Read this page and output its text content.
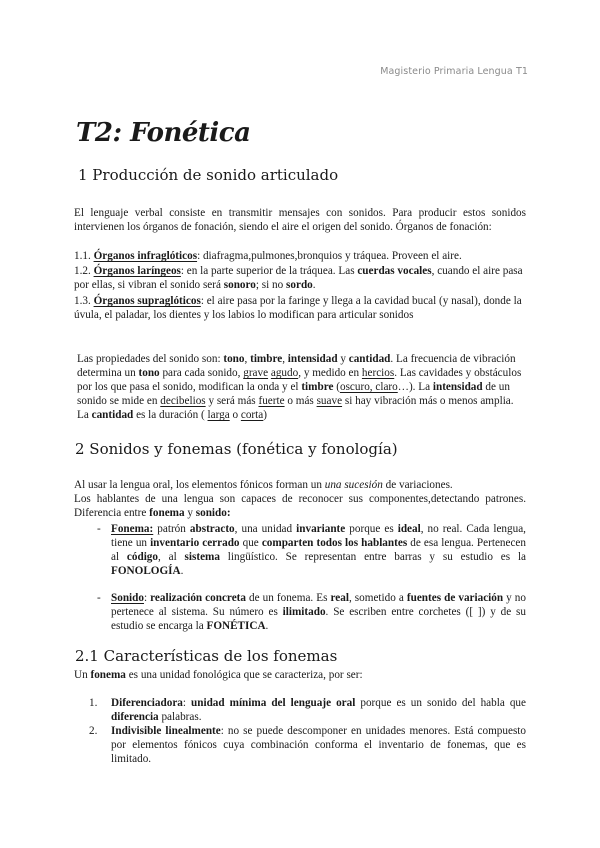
Magisterio Primaria Lengua T1
T2: Fonética
1 Producción de sonido articulado

El lenguaje verbal consiste en transmitir mensajes con sonidos. Para producir estos sonidos intervienen los órganos de fonación, siendo el aire el origen del sonido. Órganos de fonación:

1.1. Órganos infraglóticos: diafragma,pulmones,bronquios y tráquea. Proveen el aire.

1.2. Órganos laríngeos: en la parte superior de la tráquea. Las cuerdas vocales, cuando el aire pasa por ellas, si vibran el sonido será sonoro; si no sordo.

1.3. Órganos supraglóticos: el aire pasa por la faringe y llega a la cavidad bucal (y nasal), donde la úvula, el paladar, los dientes y los labios lo modifican para articular sonidos

Las propiedades del sonido son: tono, timbre, intensidad y cantidad. La frecuencia de vibración determina un tono para cada sonido, grave agudo, y medido en hercios. Las cavidades y obstáculos por los que pasa el sonido, modifican la onda y el timbre (oscuro, claro…). La intensidad de un sonido se mide en decibelios y será más fuerte o más suave si hay vibración más o menos amplia. La cantidad es la duración ( larga o corta)

2 Sonidos y fonemas (fonética y fonología)

Al usar la lengua oral, los elementos fónicos forman un una sucesión de variaciones.

Los hablantes de una lengua son capaces de reconocer sus componentes,detectando patrones. Diferencia entre fonema y sonido:

- Fonema: patrón abstracto, una unidad invariante porque es ideal, no real. Cada lengua, tiene un inventario cerrado que comparten todos los hablantes de esa lengua. Pertenecen al código, al sistema lingüístico. Se representan entre barras y su estudio es la FONOLOGÍA.

- Sonido: realización concreta de un fonema. Es real, sometido a fuentes de variación y no pertenece al sistema. Su número es ilimitado. Se escriben entre corchetes ([ ]) y de su estudio se encarga la FONÉTICA.

2.1 Características de los fonemas

Un fonema es una unidad fonológica que se caracteriza, por ser:

1. Diferenciadora: unidad mínima del lenguaje oral porque es un sonido del habla que diferencia palabras.

2. Indivisible linealmente: no se puede descomponer en unidades menores. Está compuesto por elementos fónicos cuya combinación conforma el inventario de fonemas, que es limitado.
